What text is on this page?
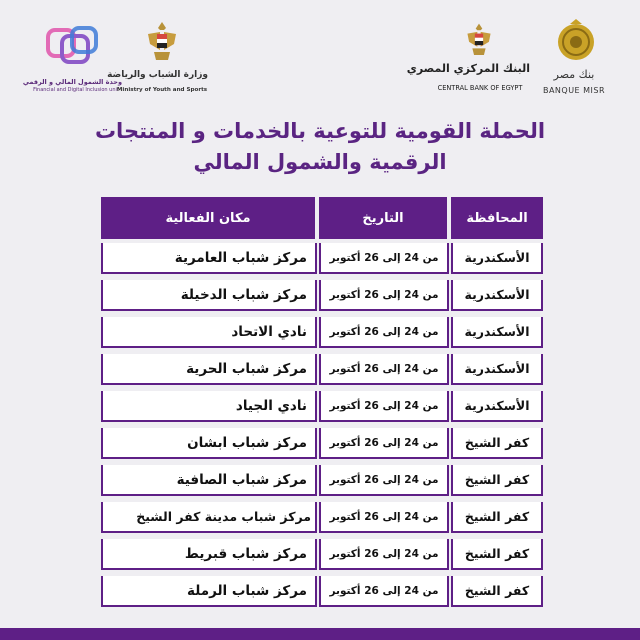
وحدة الشمول المالي و الرقمي
Financial and Digital Inclusion unit
وزارة الشباب والرياضة
Ministry of Youth and Sports
البنك المركزي المصري
CENTRAL BANK OF EGYPT
بنك مصر
BANQUE MISR
الحملة القومية للتوعية بالخدمات و المنتجات
الرقمية والشمول المالي
المحافظة
التاريخ
مكان الفعالية
الأسكندرية
من 24 إلى 26 أكتوبر
مركز شباب العامرية
الأسكندرية
من 24 إلى 26 أكتوبر
مركز شباب الدخيلة
الأسكندرية
من 24 إلى 26 أكتوبر
نادي الاتحاد
الأسكندرية
من 24 إلى 26 أكتوبر
مركز شباب الحرية
الأسكندرية
من 24 إلى 26 أكتوبر
نادي الجياد
كفر الشيخ
من 24 إلى 26 أكتوبر
مركز شباب ابشان
كفر الشيخ
من 24 إلى 26 أكتوبر
مركز شباب الصافية
كفر الشيخ
من 24 إلى 26 أكتوبر
مركز شباب مدينة كفر الشيخ
كفر الشيخ
من 24 إلى 26 أكتوبر
مركز شباب قبريط
كفر الشيخ
من 24 إلى 26 أكتوبر
مركز شباب الرملة
